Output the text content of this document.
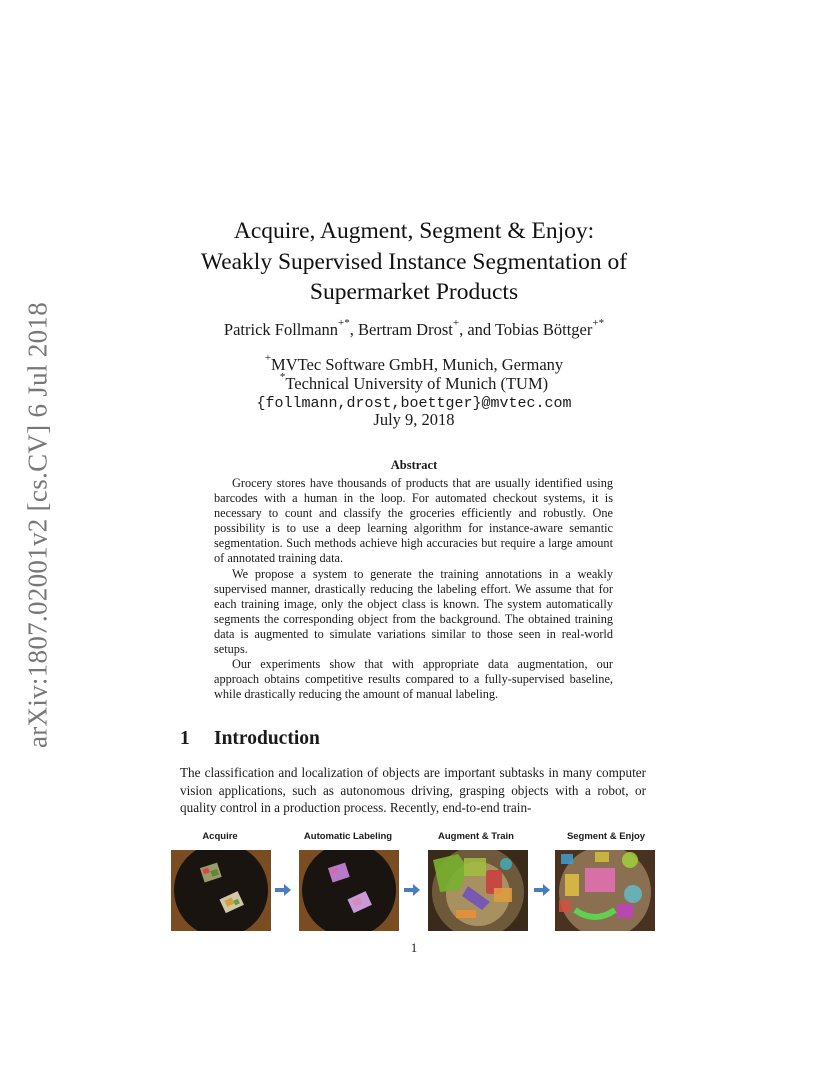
arXiv:1807.02001v2 [cs.CV] 6 Jul 2018
Acquire, Augment, Segment & Enjoy:
Weakly Supervised Instance Segmentation of
Supermarket Products
Patrick Follmann+*, Bertram Drost+, and Tobias Böttger+*
+MVTec Software GmbH, Munich, Germany
*Technical University of Munich (TUM)
{follmann,drost,boettger}@mvtec.com
July 9, 2018
Abstract

Grocery stores have thousands of products that are usually identified using barcodes with a human in the loop. For automated checkout systems, it is necessary to count and classify the groceries efficiently and robustly. One possibility is to use a deep learning algorithm for instance-aware semantic segmentation. Such methods achieve high accuracies but require a large amount of annotated training data.

We propose a system to generate the training annotations in a weakly supervised manner, drastically reducing the labeling effort. We assume that for each training image, only the object class is known. The system automatically segments the corresponding object from the background. The obtained training data is augmented to simulate variations similar to those seen in real-world setups.

Our experiments show that with appropriate data augmentation, our approach obtains competitive results compared to a fully-supervised baseline, while drastically reducing the amount of manual labeling.

1 Introduction
The classification and localization of objects are important subtasks in many computer vision applications, such as autonomous driving, grasping objects with a robot, or quality control in a production process. Recently, end-to-end train-
Acquire	Automatic Labeling	Augment & Train	Segment & Enjoy
1
